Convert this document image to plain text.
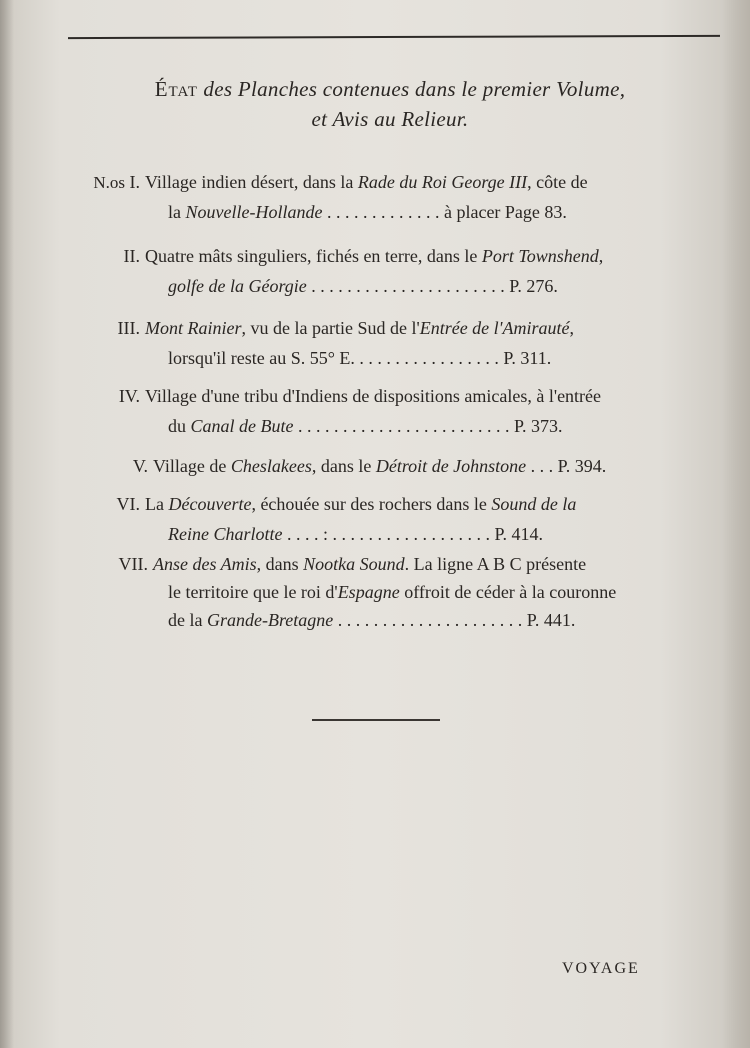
État des Planches contenues dans le premier Volume,
et Avis au Relieur.
N.os I. Village indien désert, dans la Rade du Roi George III, côte de
la Nouvelle-Hollande . . . . . . . . . . . . . à placer Page 83.
II. Quatre mâts singuliers, fichés en terre, dans le Port Townshend,
golfe de la Géorgie . . . . . . . . . . . . . . . . . . . . . . P. 276.
III. Mont Rainier, vu de la partie Sud de l'Entrée de l'Amirauté,
lorsqu'il reste au S. 55° E. . . . . . . . . . . . . . . . . P. 311.
IV. Village d'une tribu d'Indiens de dispositions amicales, à l'entrée
du Canal de Bute . . . . . . . . . . . . . . . . . . . . . . . . P. 373.
V. Village de Cheslakees, dans le Détroit de Johnstone . . . P. 394.
VI. La Découverte, échouée sur des rochers dans le Sound de la
Reine Charlotte . . . . : . . . . . . . . . . . . . . . . . . P. 414.
VII. Anse des Amis, dans Nootka Sound. La ligne A B C présente
le territoire que le roi d'Espagne offroit de céder à la couronne
de la Grande-Bretagne . . . . . . . . . . . . . . . . . . . . . P. 441.
VOYAGE
